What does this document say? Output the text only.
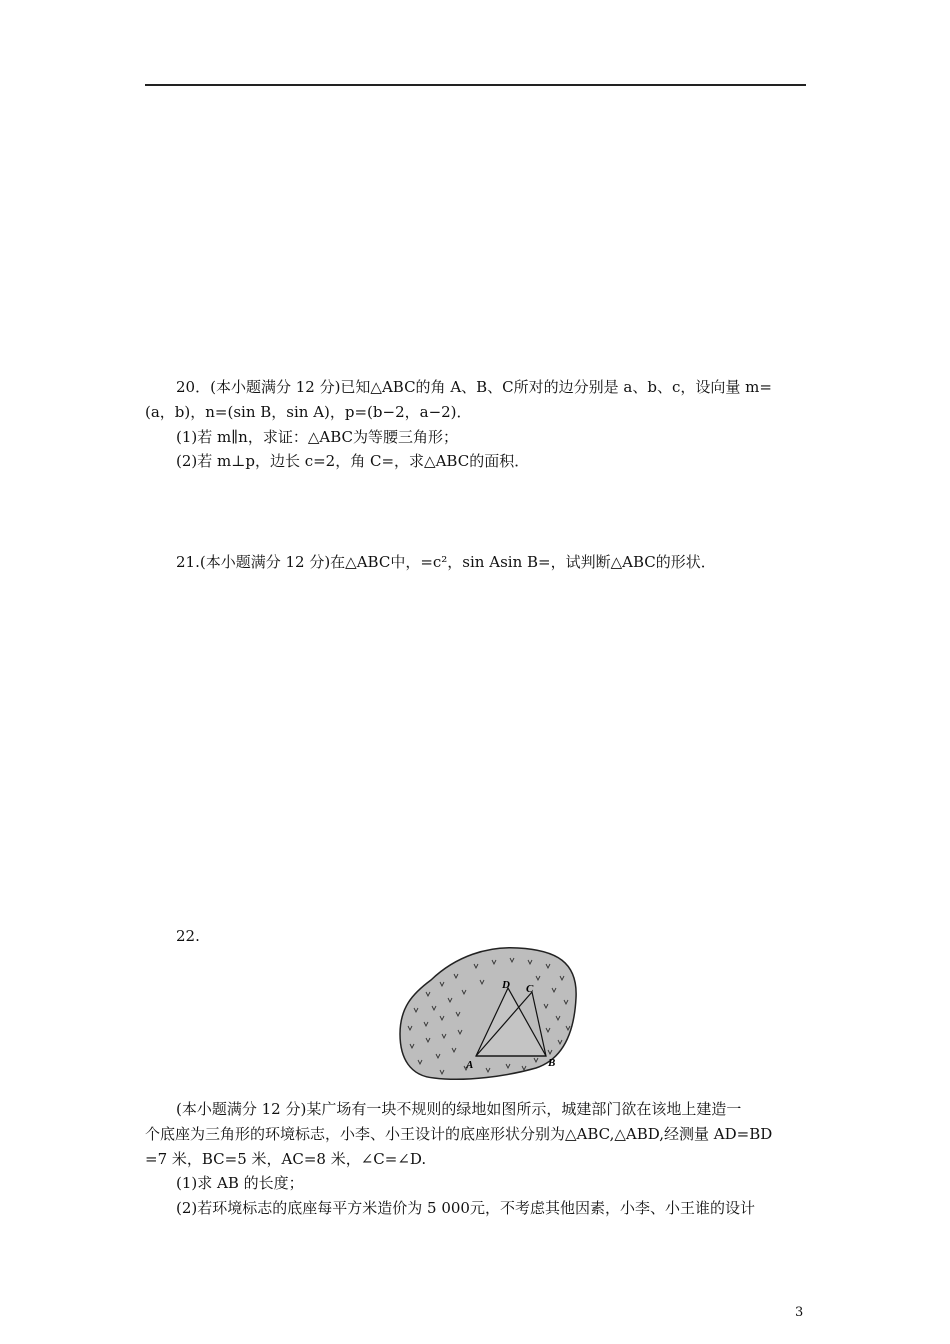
20．(本小题满分 12 分)已知△ABC的角 A、B、C所对的边分别是 a、b、c，设向量 m=
(a，b)，n=(sin B，sin A)，p=(b−2，a−2)．
(1)若 m∥n，求证：△ABC为等腰三角形；
(2)若 m⊥p，边长 c=2，角 C=，求△ABC的面积．
21.(本小题满分 12 分)在△ABC中，=c²，sin Asin B=，试判断△ABC的形状．
22.
A	B
C
D
(本小题满分 12 分)某广场有一块不规则的绿地如图所示，城建部门欲在该地上建造一
个底座为三角形的环境标志，小李、小王设计的底座形状分别为△ABC,△ABD,经测量 AD=BD
=7 米，BC=5 米，AC=8 米，∠C=∠D.
(1)求 AB 的长度；
(2)若环境标志的底座每平方米造价为 5 000元，不考虑其他因素，小李、小王谁的设计
3
